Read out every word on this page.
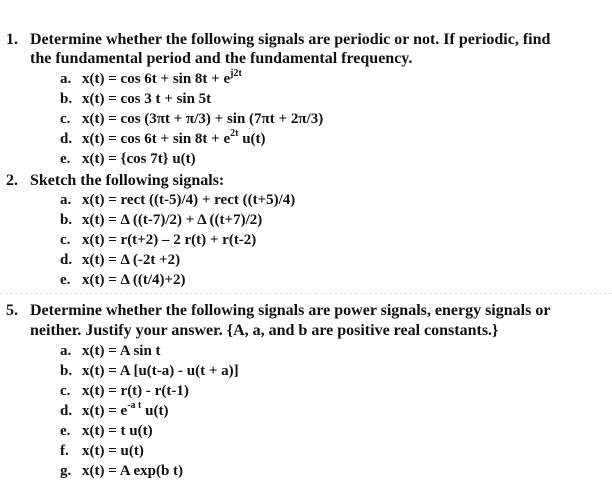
1. Determine whether the following signals are periodic or not. If periodic, find
the fundamental period and the fundamental frequency.
a. $x(t) = \cos 6t + \sin 8t + e^{j2t}$
b. x(t) = cos 3 t + sin 5t
c. x(t) = cos (3πt + π/3) + sin (7πt + 2π/3)
d. $x(t) = \cos 6t + \sin 8t + e^{2t}$ u(t)
e. x(t) = {cos 7t} u(t)
2. Sketch the following signals:
a. x(t) = rect ((t-5)/4) + rect ((t+5)/4)
b. x(t) = Δ ((t-7)/2) + Δ ((t+7)/2)
c. x(t) = r(t+2) – 2 r(t) + r(t-2)
d. x(t) = Δ (-2t +2)
e. x(t) = Δ ((t/4)+2)
5. Determine whether the following signals are power signals, energy signals or
neither. Justify your answer. {A, a, and b are positive real constants.}
a. x(t) = A sin t
b. x(t) = A [u(t-a) - u(t + a)]
c. x(t) = r(t) - r(t-1)
d. $x(t) = e^{-a t}$ u(t)
e. x(t) = t u(t)
f. x(t) = u(t)
g. x(t) = A exp(b t)
